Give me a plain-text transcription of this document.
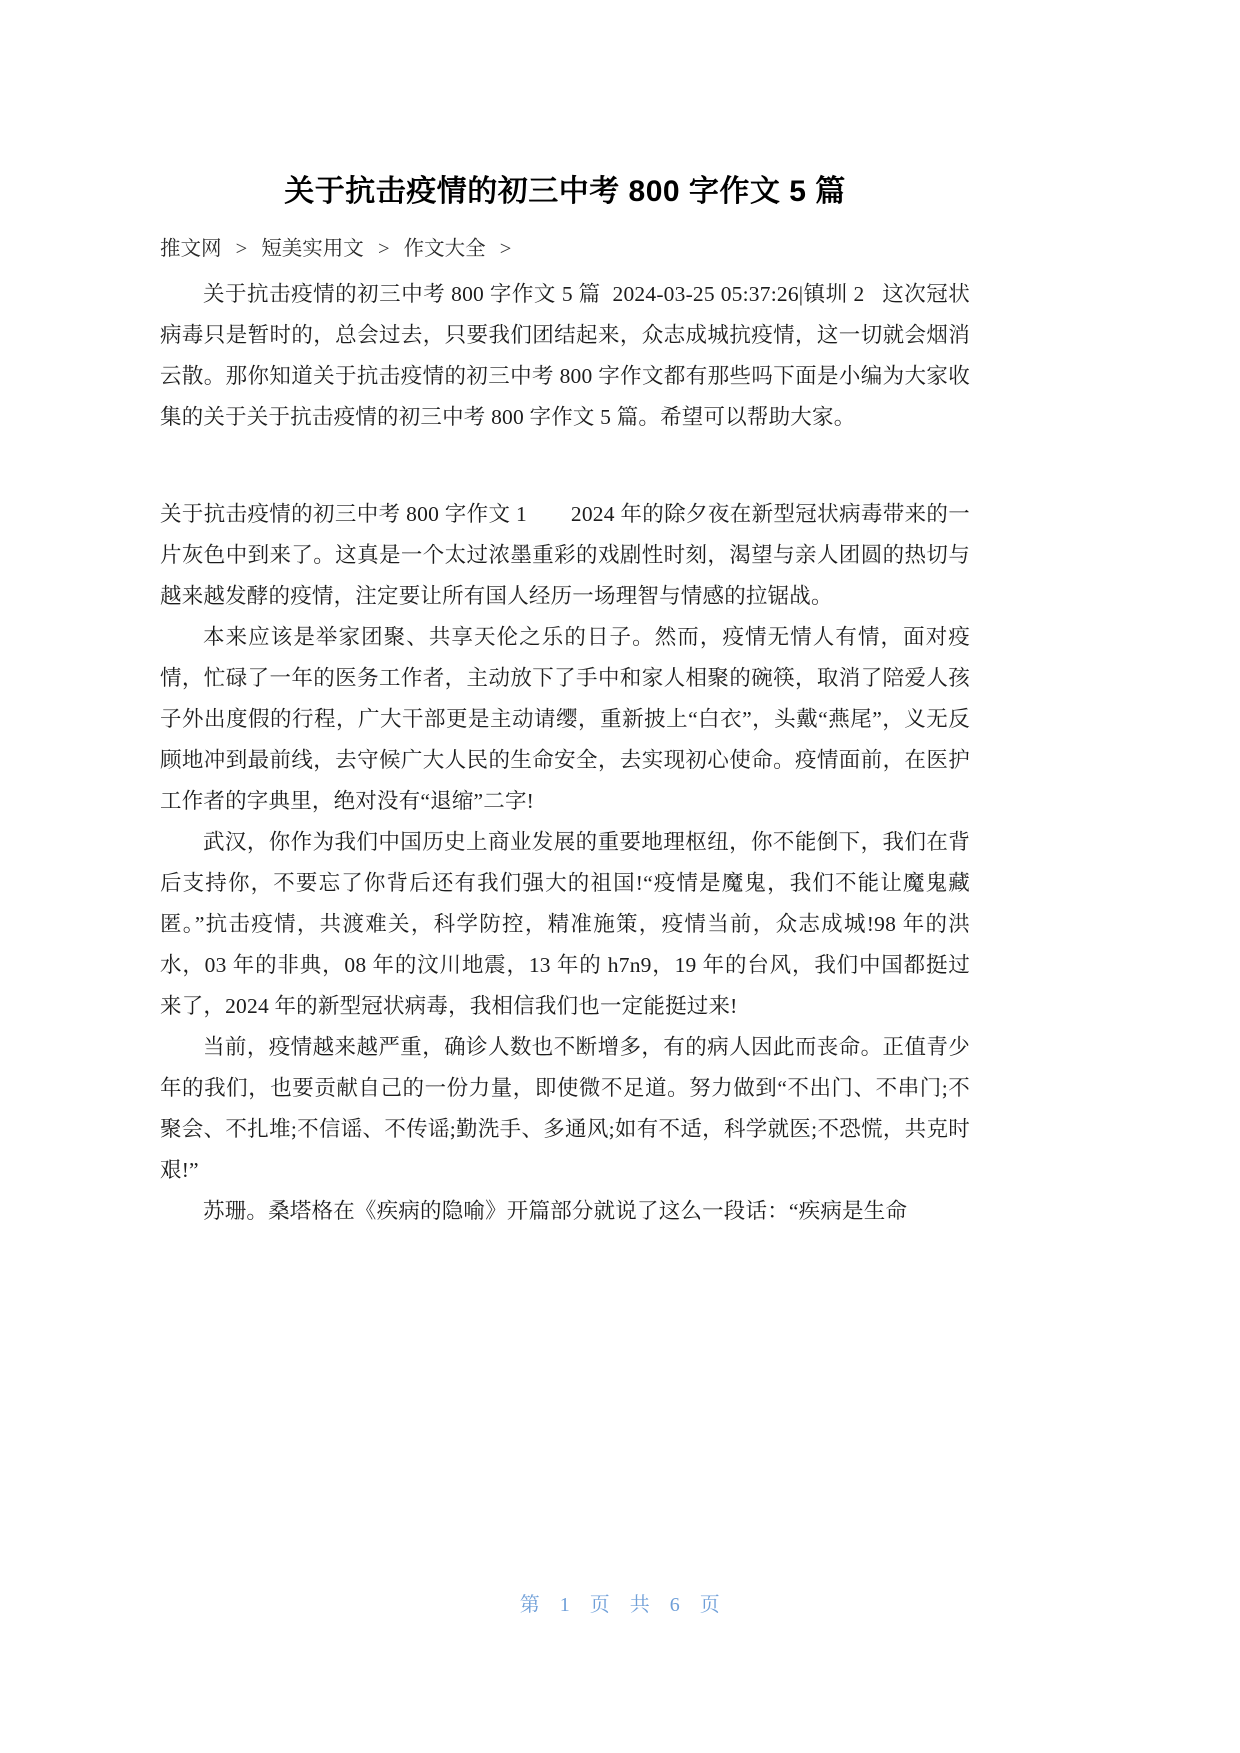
关于抗击疫情的初三中考 800 字作文 5 篇
推文网 > 短美实用文 > 作文大全 >

关于抗击疫情的初三中考 800 字作文 5 篇 2024-03-25 05:37:26|镇圳 2 这次冠状病毒只是暂时的，总会过去，只要我们团结起来，众志成城抗疫情，这一切就会烟消云散。那你知道关于抗击疫情的初三中考 800 字作文都有那些吗下面是小编为大家收集的关于关于抗击疫情的初三中考 800 字作文 5 篇。希望可以帮助大家。

关于抗击疫情的初三中考 800 字作文 1　　2024 年的除夕夜在新型冠状病毒带来的一片灰色中到来了。这真是一个太过浓墨重彩的戏剧性时刻，渴望与亲人团圆的热切与越来越发酵的疫情，注定要让所有国人经历一场理智与情感的拉锯战。

本来应该是举家团聚、共享天伦之乐的日子。然而，疫情无情人有情，面对疫情，忙碌了一年的医务工作者，主动放下了手中和家人相聚的碗筷，取消了陪爱人孩子外出度假的行程，广大干部更是主动请缨，重新披上“白衣”，头戴“燕尾”，义无反顾地冲到最前线，去守候广大人民的生命安全，去实现初心使命。疫情面前，在医护工作者的字典里，绝对没有“退缩”二字!

武汉，你作为我们中国历史上商业发展的重要地理枢纽，你不能倒下，我们在背后支持你，不要忘了你背后还有我们强大的祖国!“疫情是魔鬼，我们不能让魔鬼藏匿。”抗击疫情，共渡难关，科学防控，精准施策，疫情当前，众志成城!98 年的洪水，03 年的非典，08 年的汶川地震，13 年的 h7n9，19 年的台风，我们中国都挺过来了，2024 年的新型冠状病毒，我相信我们也一定能挺过来!

当前，疫情越来越严重，确诊人数也不断增多，有的病人因此而丧命。正值青少年的我们，也要贡献自己的一份力量，即使微不足道。努力做到“不出门、不串门;不聚会、不扎堆;不信谣、不传谣;勤洗手、多通风;如有不适，科学就医;不恐慌，共克时艰!”

苏珊。桑塔格在《疾病的隐喻》开篇部分就说了这么一段话：“疾病是生命

第 1 页 共 6 页
